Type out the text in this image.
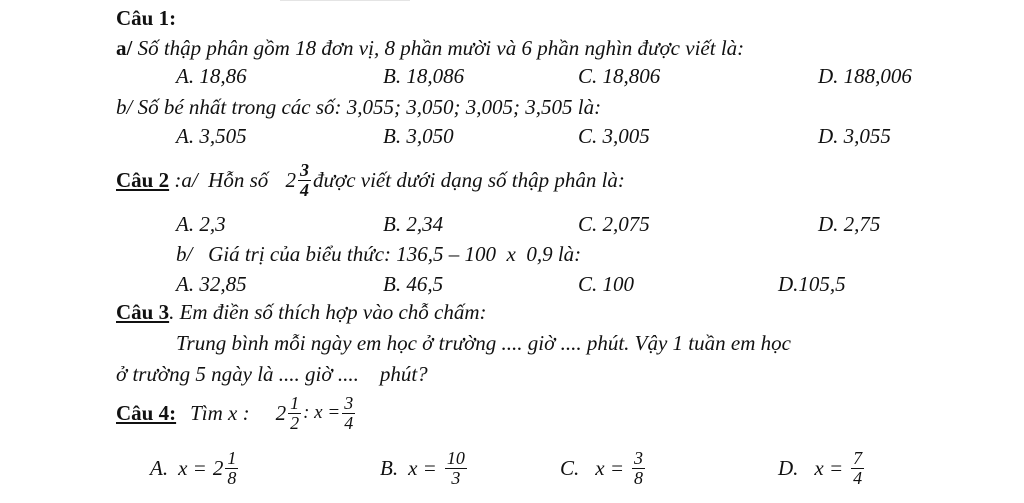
Câu 1:
a/ Số thập phân gồm 18 đơn vị, 8 phần mười và 6 phần nghìn được viết là:
A. 18,86	B. 18,086	C. 18,806	D. 188,006
b/ Số bé nhất trong các số: 3,055; 3,050; 3,005; 3,505 là:
A. 3,505	B. 3,050	C. 3,005	D. 3,055
Câu 2 :a/  Hỗn số $2 \frac{3}{4}$ được viết dưới dạng số thập phân là:
A. 2,3	B. 2,34	C. 2,075	D. 2,75
b/   Giá trị của biểu thức: 136,5 – 100  x  0,9 là:
A. 32,85	B. 46,5	C. 100	D.105,5
Câu 3. Em điền số thích hợp vào chỗ chấm:
Trung bình mỗi ngày em học ở trường .... giờ .... phút. Vậy 1 tuần em học
ở trường 5 ngày là .... giờ ....    phút?
Câu 4: Tìm x : $2 \frac{1}{2}$ : $x = \frac{3}{4}$
A. $x = 2 \frac{1}{8}$	B. $x = \frac{10}{3}$	C. $x = \frac{3}{8}$	D. $x = \frac{7}{4}$
